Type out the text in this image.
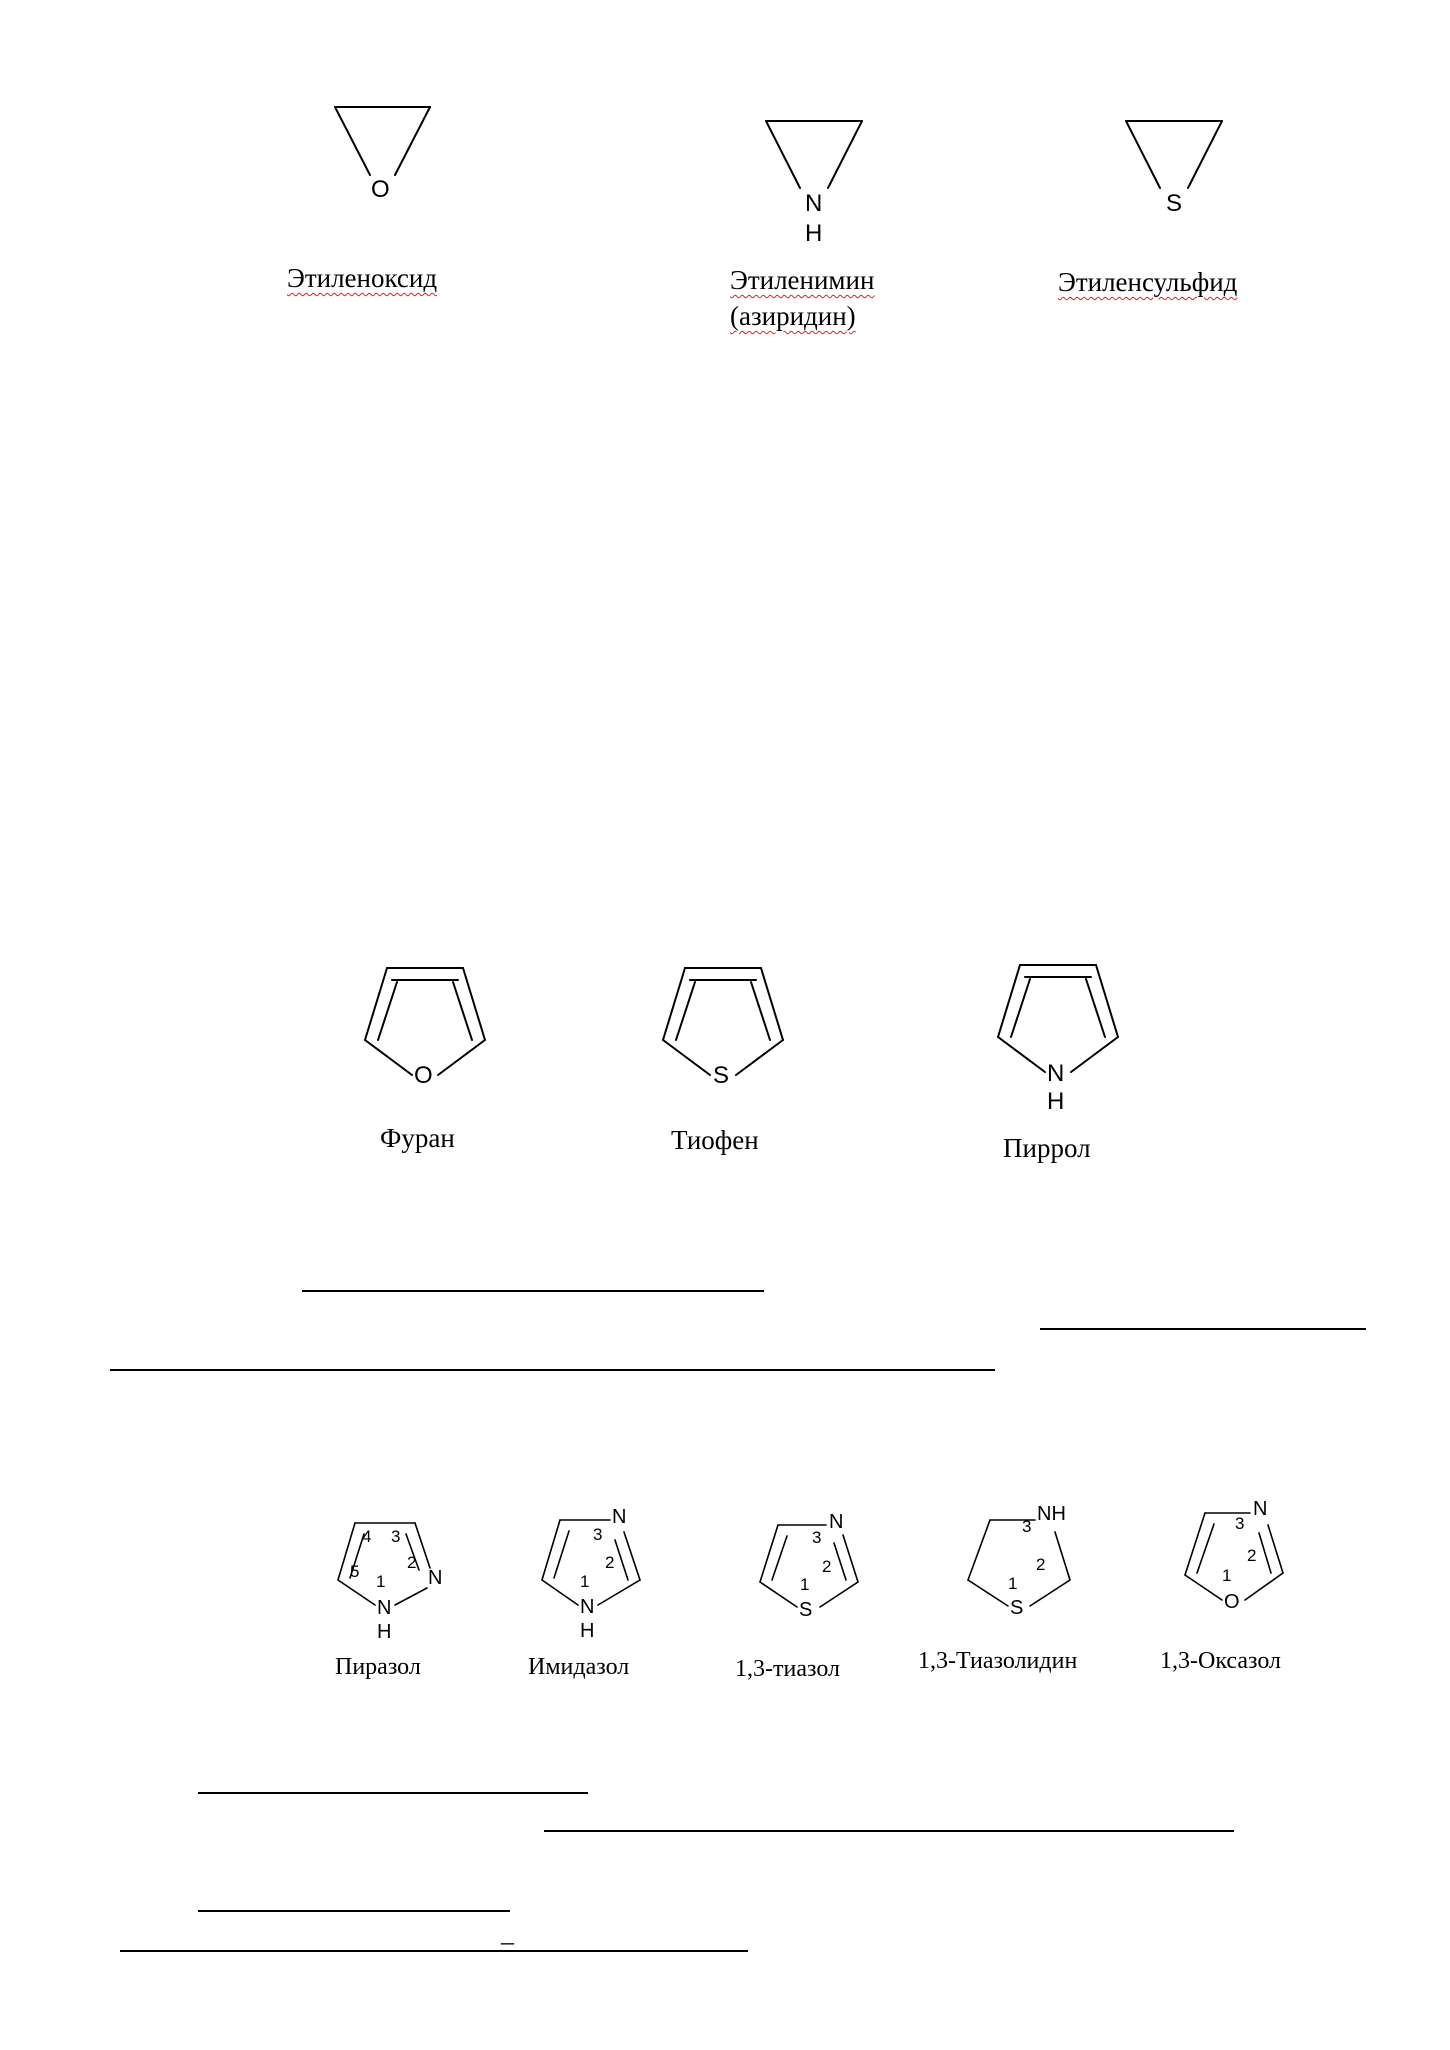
O
N
H
S
Этиленоксид	Этиленимин
(азиридин)
Этиленсульфид
O	S	N
H
Фуран	Тиофен	Пиррол
4 3
5	2
1 N
N
H
Пиразол
N
3
2
1
N
H
Имидазол
N
3
2
1
S
1,3-тиазол
NH
3
2
1
S
1,3-Тиазолидин
N
3
2
1
O
1,3-Оксазол
_
